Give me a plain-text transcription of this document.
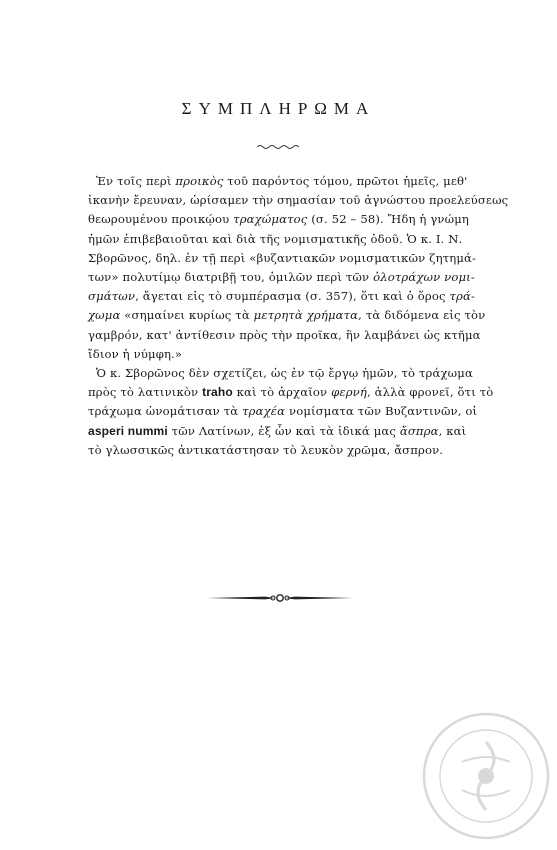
ΣΥΜΠΛΗΡΩΜΑ

Ἐν τοῖς περὶ προικὸς τοῦ παρόντος τόμου, πρῶτοι ἡμεῖς, μεθ'
ἱκανὴν ἔρευναν, ὡρίσαμεν τὴν σημασίαν τοῦ ἀγνώστου προελεύσεως
θεωρουμένου προικῴου τραχώματος (σ. 52 – 58). Ἤδη ἡ γνώμη
ἡμῶν ἐπιβεβαιοῦται καὶ διὰ τῆς νομισματικῆς ὁδοῦ. Ὁ κ. Ι. Ν.
Σβορῶνος, δηλ. ἐν τῇ περὶ «βυζαντιακῶν νομισματικῶν ζητημά-
των» πολυτίμῳ διατριβῇ του, ὁμιλῶν περὶ τῶν ὁλοτράχων νομι-
σμάτων, ἄγεται εἰς τὸ συμπέρασμα (σ. 357), ὅτι καὶ ὁ ὅρος τρά-
χωμα «σημαίνει κυρίως τὰ μετρητὰ χρήματα, τὰ διδόμενα εἰς τὸν
γαμβρόν, κατ' ἀντίθεσιν πρὸς τὴν προῖκα, ἣν λαμβάνει ὡς κτῆμα
ἴδιον ἡ νύμφη.»

Ὁ κ. Σβορῶνος δὲν σχετίζει, ὡς ἐν τῷ ἔργῳ ἡμῶν, τὸ τράχωμα
πρὸς τὸ λατινικὸν traho καὶ τὸ ἀρχαῖον φερνή, ἀλλὰ φρονεῖ, ὅτι τὸ
τράχωμα ὠνομάτισαν τὰ τραχέα νομίσματα τῶν Βυζαντινῶν, οἱ
asperi nummi τῶν Λατίνων, ἐξ ὧν καὶ τὰ ἰδικά μας ἄσπρα, καὶ
τὸ γλωσσικῶς ἀντικατάστησαν τὸ λευκὸν χρῶμα, ἄσπρον.
